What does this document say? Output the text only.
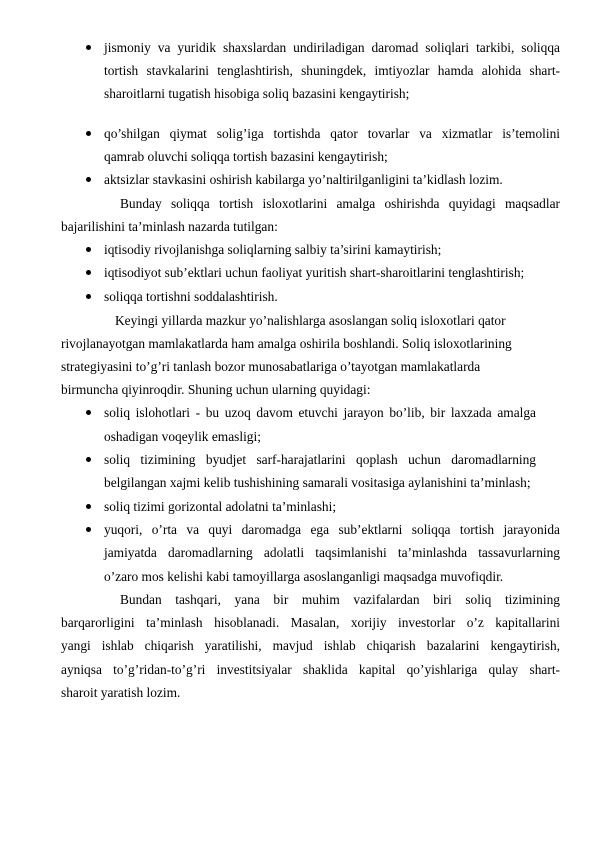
jismoniy va yuridik shaxslardan undiriladigan daromad soliqlari tarkibi, soliqqa
tortish stavkalarini tenglashtirish, shuningdek, imtiyozlar hamda alohida shart-
sharoitlarni tugatish hisobiga soliq bazasini kengaytirish;
qo’shilgan qiymat solig’iga tortishda qator tovarlar va xizmatlar is’temolini
qamrab oluvchi soliqqa tortish bazasini kengaytirish;
aktsizlar stavkasini oshirish kabilarga yo’naltirilganligini ta’kidlash lozim.
Bunday soliqqa tortish isloxotlarini amalga oshirishda quyidagi maqsadlar
bajarilishini ta’minlash nazarda tutilgan:
iqtisodiy rivojlanishga soliqlarning salbiy ta’sirini kamaytirish;
iqtisodiyot sub’ektlari uchun faoliyat yuritish shart-sharoitlarini tenglashtirish;
soliqqa tortishni soddalashtirish.
Keyingi yillarda mazkur yo’nalishlarga asoslangan soliq isloxotlari qator
rivojlanayotgan mamlakatlarda ham amalga oshirila boshlandi. Soliq isloxotlarining
strategiyasini to’g’ri tanlash bozor munosabatlariga o’tayotgan mamlakatlarda
birmuncha qiyinroqdir. Shuning uchun ularning quyidagi:
soliq islohotlari - bu uzoq davom etuvchi jarayon bo’lib, bir laxzada amalga
oshadigan voqeylik emasligi;
soliq tizimining byudjet sarf-harajatlarini qoplash uchun daromadlarning
belgilangan xajmi kelib tushishining samarali vositasiga aylanishini ta’minlash;
soliq tizimi gorizontal adolatni ta’minlashi;
yuqori, o’rta va quyi daromadga ega sub’ektlarni soliqqa tortish jarayonida
jamiyatda daromadlarning adolatli taqsimlanishi ta’minlashda tassavurlarning
o’zaro mos kelishi kabi tamoyillarga asoslanganligi maqsadga muvofiqdir.
Bundan tashqari, yana bir muhim vazifalardan biri soliq tizimining
barqarorligini ta’minlash hisoblanadi. Masalan, xorijiy investorlar o’z kapitallarini
yangi ishlab chiqarish yaratilishi, mavjud ishlab chiqarish bazalarini kengaytirish,
ayniqsa to’g’ridan-to’g’ri investitsiyalar shaklida kapital qo’yishlariga qulay shart-
sharoit yaratish lozim.
